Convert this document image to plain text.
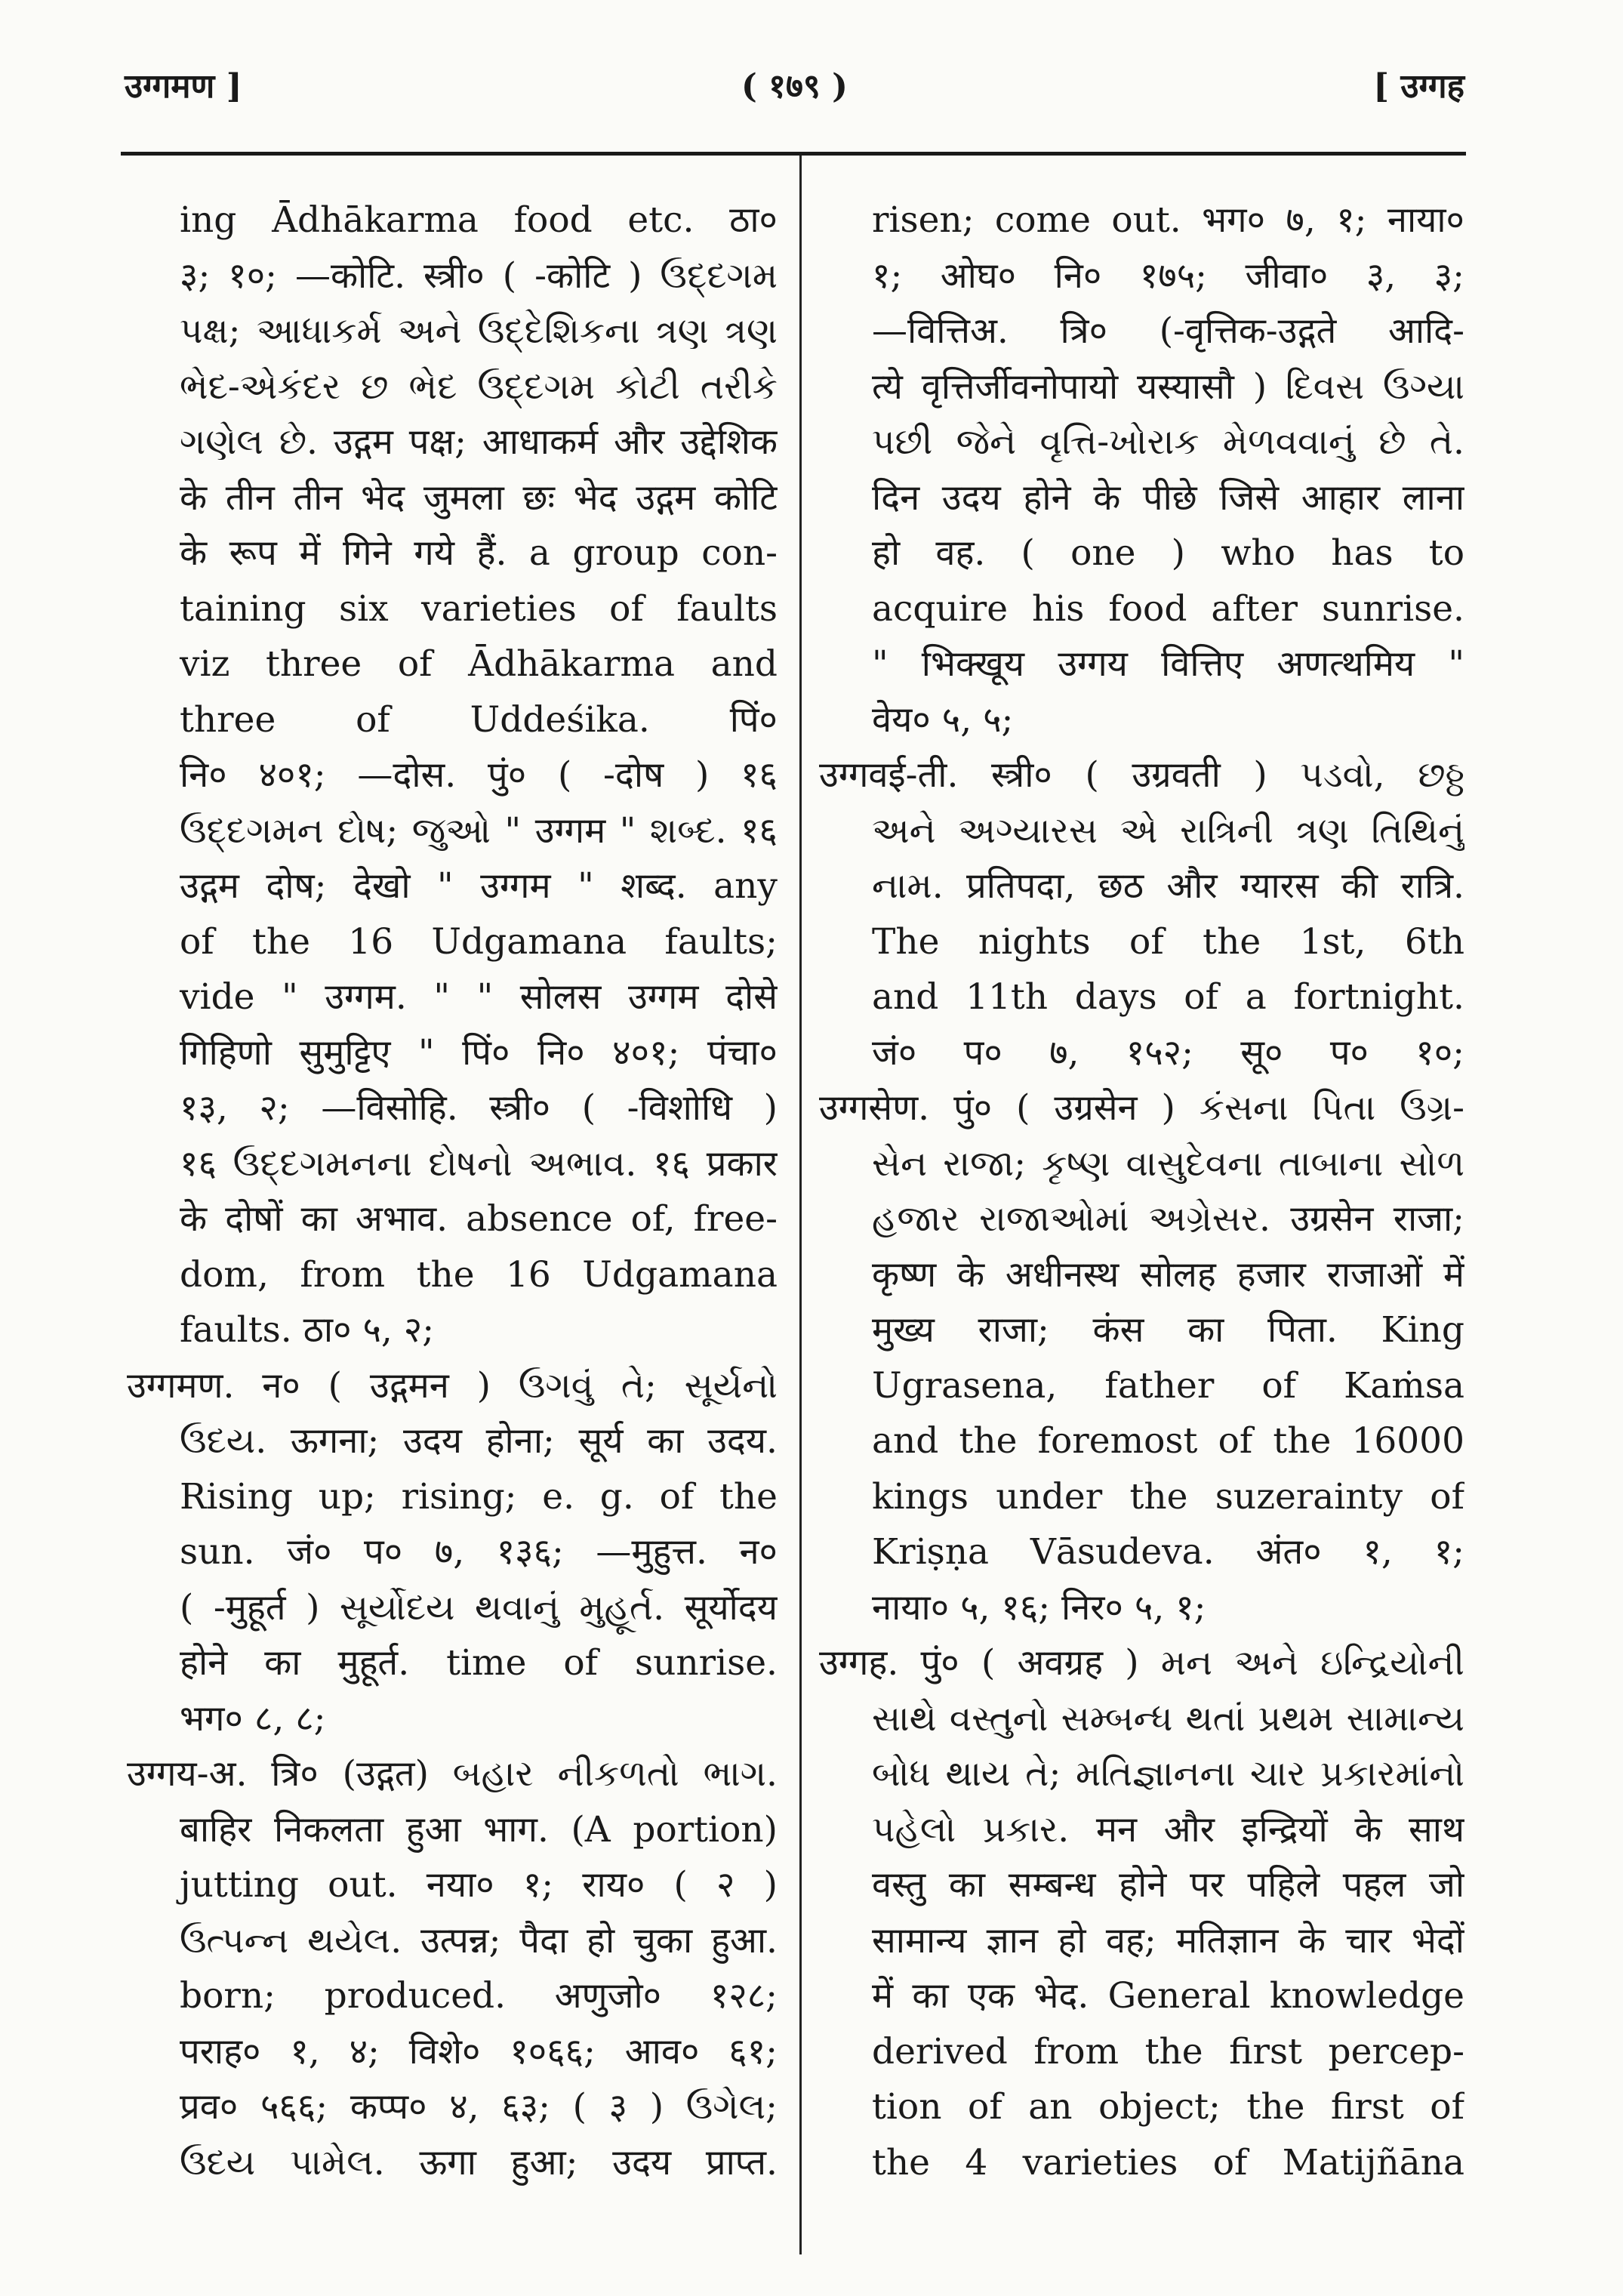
उग्गमण ]	( १७९ )	[ उग्गह
ing Ādhākarma food etc. ठा०
३; १०; —कोटि. स्त्री० ( -कोटि ) ઉદ્દગમ
પક્ષ; આધાકર્મ અને ઉદ્દેશિકના ત્રણ ત્રણ
ભેદ-એકંદર છ ભેદ ઉદ્દગમ કોટી તરીકે
ગણેલ છે. उद्गम पक्ष; आधाकर्म और उद्देशिक
के तीन तीन भेद जुमला छः भेद उद्गम कोटि
के रूप में गिने गये हैं. a group con-
taining six varieties of faults
viz three of Ādhākarma and
three of Uddeśika. पिं०
नि० ४०१; —दोस. पुं० ( -दोष ) १६
ઉદ્દગમન દોષ; જુઓ " उग्गम " શબ્દ. १६
उद्गम दोष; देखो " उग्गम " शब्द. any
of the 16 Udgamana faults;
vide " उग्गम. " " सोलस उग्गम दोसे
गिहिणो सुमुट्टिए " पिं० नि० ४०१; पंचा०
१३, २; —विसोहि. स्त्री० ( -विशोधि )
१६ ઉદ્દગમનના દોષનો અભાવ. १६ प्रकार
के दोषों का अभाव. absence of, free-
dom, from the 16 Udgamana
faults. ठा० ५, २;
उग्गमण. न० ( उद्गमन ) ઉગવું તે; સૂર્યનો
ઉદય. ऊगना; उदय होना; सूर्य का उदय.
Rising up; rising; e. g. of the
sun. जं० प० ७, १३६; —मुहुत्त. न०
( -मुहूर्त ) સૂર્યોદય થવાનું મુહૂર્ત. सूर्योदय
होने का मुहूर्त. time of sunrise.
भग० ८, ८;
उग्गय-अ. त्रि० (उद्गत) બહાર નીકળતો ભાગ.
बाहिर निकलता हुआ भाग. (A portion)
jutting out. नया० १; राय० ( २ )
ઉત્પન્ન થયેલ. उत्पन्न; पैदा हो चुका हुआ.
born; produced. अणुजो० १२८;
पराह० १, ४; विशे० १०६६; आव० ६१;
प्रव० ५६६; कप्प० ४, ६३; ( ३ ) ઉગેલ;
ઉદય પામેલ. ऊगा हुआ; उदय प्राप्त.
risen; come out. भग० ७, १; नाया०
१; ओघ० नि० १७५; जीवा० ३, ३;
—वित्तिअ. त्रि० (-वृत्तिक-उद्गते आदि-
त्ये वृत्तिर्जीवनोपायो यस्यासौ ) દિવસ ઉગ્યા
પછી જેને વૃત્તિ-ખોરાક મેળવવાનું છે તે.
दिन उदय होने के पीछे जिसे आहार लाना
हो वह. ( one ) who has to
acquire his food after sunrise.
" भिक्खूय उग्गय वित्तिए अणत्थमिय "
वेय० ५, ५;
उग्गवई-ती. स्त्री० ( उग्रवती ) પડવો, છઠ્ઠ
અને અગ્યારસ એ રાત્રિની ત્રણ તિથિનું
નામ. प्रतिपदा, छठ और ग्यारस की रात्रि.
The nights of the 1st, 6th
and 11th days of a fortnight.
जं० प० ७, १५२; सू० प० १०;
उग्गसेण. पुं० ( उग्रसेन ) કંસના પિતા ઉગ્ર-
સેન રાજા; કૃષ્ણ વાસુદેવના તાબાના સોળ
હજાર રાજાઓમાં અગ્રેસર. उग्रसेन राजा;
कृष्ण के अधीनस्थ सोलह हजार राजाओं में
मुख्य राजा; कंस का पिता. King
Ugrasena, father of Kaṁsa
and the foremost of the 16000
kings under the suzerainty of
Kriṣṇa Vāsudeva. अंत० १, १;
नाया० ५, १६; निर० ५, १;
उग्गह. पुं० ( अवग्रह ) મન અને ઇન્દ્રિયોની
સાથે વસ્તુનો સમ્બન્ધ થતાં પ્રથમ સામાન્ય
બોધ થાય તે; મતિજ્ઞાનના ચાર પ્રકારમાંનો
પહેલો પ્રકાર. मन और इन्द्रियों के साथ
वस्तु का सम्बन्ध होने पर पहिले पहल जो
सामान्य ज्ञान हो वह; मतिज्ञान के चार भेदों
में का एक भेद. General knowledge
derived from the first percep-
tion of an object; the first of
the 4 varieties of Matijñāna
